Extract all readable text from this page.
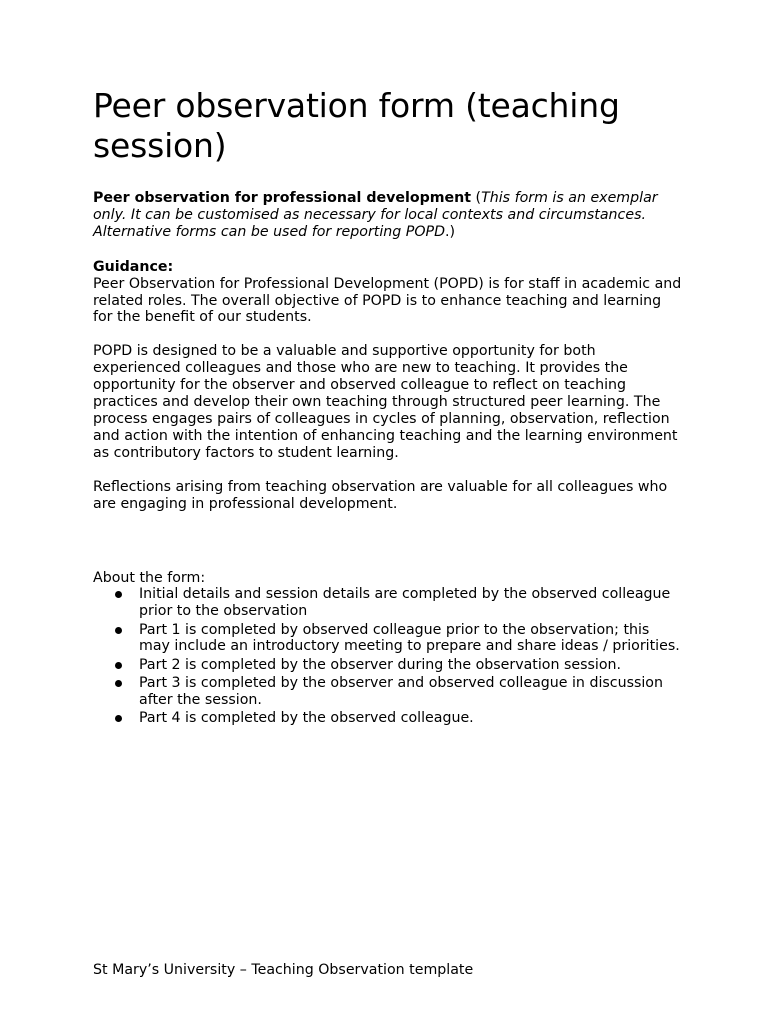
Peer observation form (teaching session)

Peer observation for professional development (This form is an exemplar only. It can be customised as necessary for local contexts and circumstances. Alternative forms can be used for reporting POPD.)

Guidance:

Peer Observation for Professional Development (POPD) is for staff in academic and related roles. The overall objective of POPD is to enhance teaching and learning for the benefit of our students.

POPD is designed to be a valuable and supportive opportunity for both experienced colleagues and those who are new to teaching. It provides the opportunity for the observer and observed colleague to reflect on teaching practices and develop their own teaching through structured peer learning. The process engages pairs of colleagues in cycles of planning, observation, reflection and action with the intention of enhancing teaching and the learning environment as contributory factors to student learning.

Reflections arising from teaching observation are valuable for all colleagues who are engaging in professional development.

About the form:

Initial details and session details are completed by the observed colleague prior to the observation
Part 1 is completed by observed colleague prior to the observation; this may include an introductory meeting to prepare and share ideas / priorities.
Part 2 is completed by the observer during the observation session.
Part 3 is completed by the observer and observed colleague in discussion after the session.
Part 4 is completed by the observed colleague.

St Mary’s University – Teaching Observation template
